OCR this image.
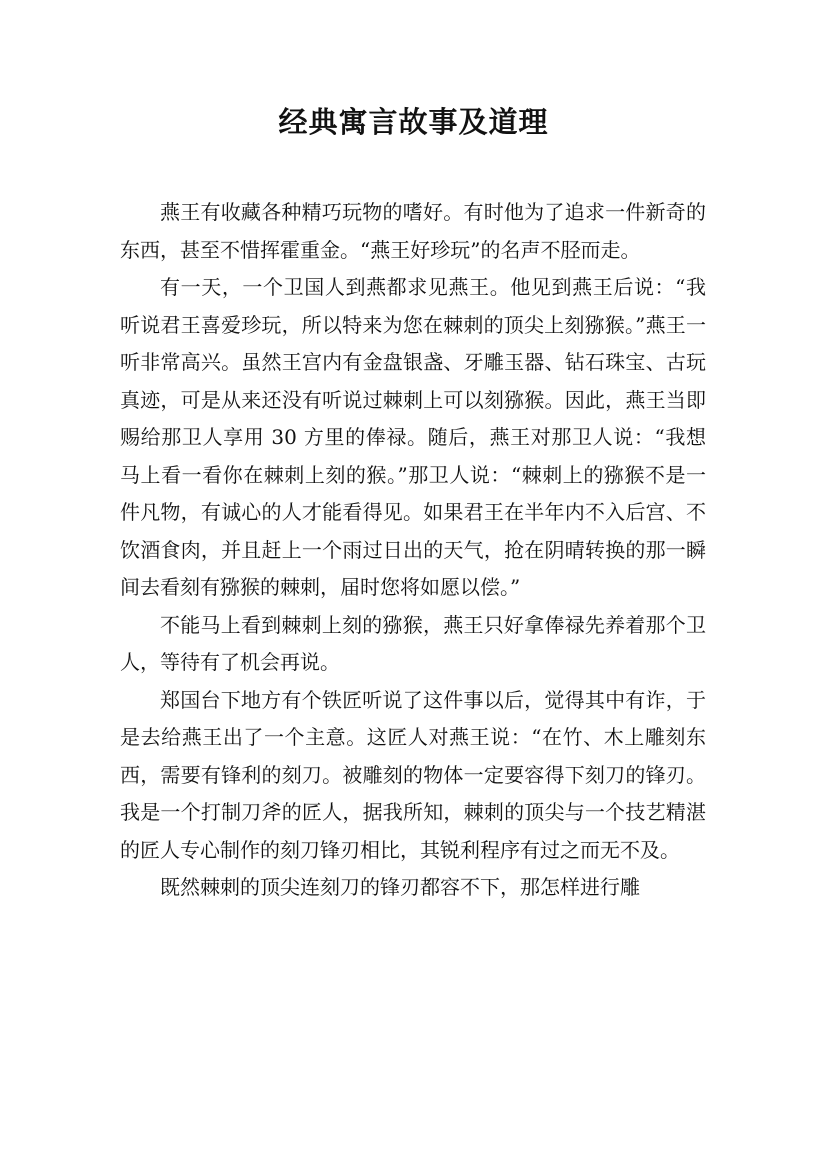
经典寓言故事及道理

燕王有收藏各种精巧玩物的嗜好。有时他为了追求一件新奇的东西，甚至不惜挥霍重金。“燕王好珍玩”的名声不胫而走。

有一天，一个卫国人到燕都求见燕王。他见到燕王后说：“我听说君王喜爱珍玩，所以特来为您在棘刺的顶尖上刻猕猴。”燕王一听非常高兴。虽然王宫内有金盘银盏、牙雕玉器、钻石珠宝、古玩真迹，可是从来还没有听说过棘刺上可以刻猕猴。因此，燕王当即赐给那卫人享用 30 方里的俸禄。随后，燕王对那卫人说：“我想马上看一看你在棘刺上刻的猴。”那卫人说：“棘刺上的猕猴不是一件凡物，有诚心的人才能看得见。如果君王在半年内不入后宫、不饮酒食肉，并且赶上一个雨过日出的天气，抢在阴晴转换的那一瞬间去看刻有猕猴的棘刺，届时您将如愿以偿。”

不能马上看到棘刺上刻的猕猴，燕王只好拿俸禄先养着那个卫人，等待有了机会再说。

郑国台下地方有个铁匠听说了这件事以后，觉得其中有诈，于是去给燕王出了一个主意。这匠人对燕王说：“在竹、木上雕刻东西，需要有锋利的刻刀。被雕刻的物体一定要容得下刻刀的锋刃。我是一个打制刀斧的匠人，据我所知，棘刺的顶尖与一个技艺精湛的匠人专心制作的刻刀锋刃相比，其锐利程序有过之而无不及。

既然棘刺的顶尖连刻刀的锋刃都容不下，那怎样进行雕
